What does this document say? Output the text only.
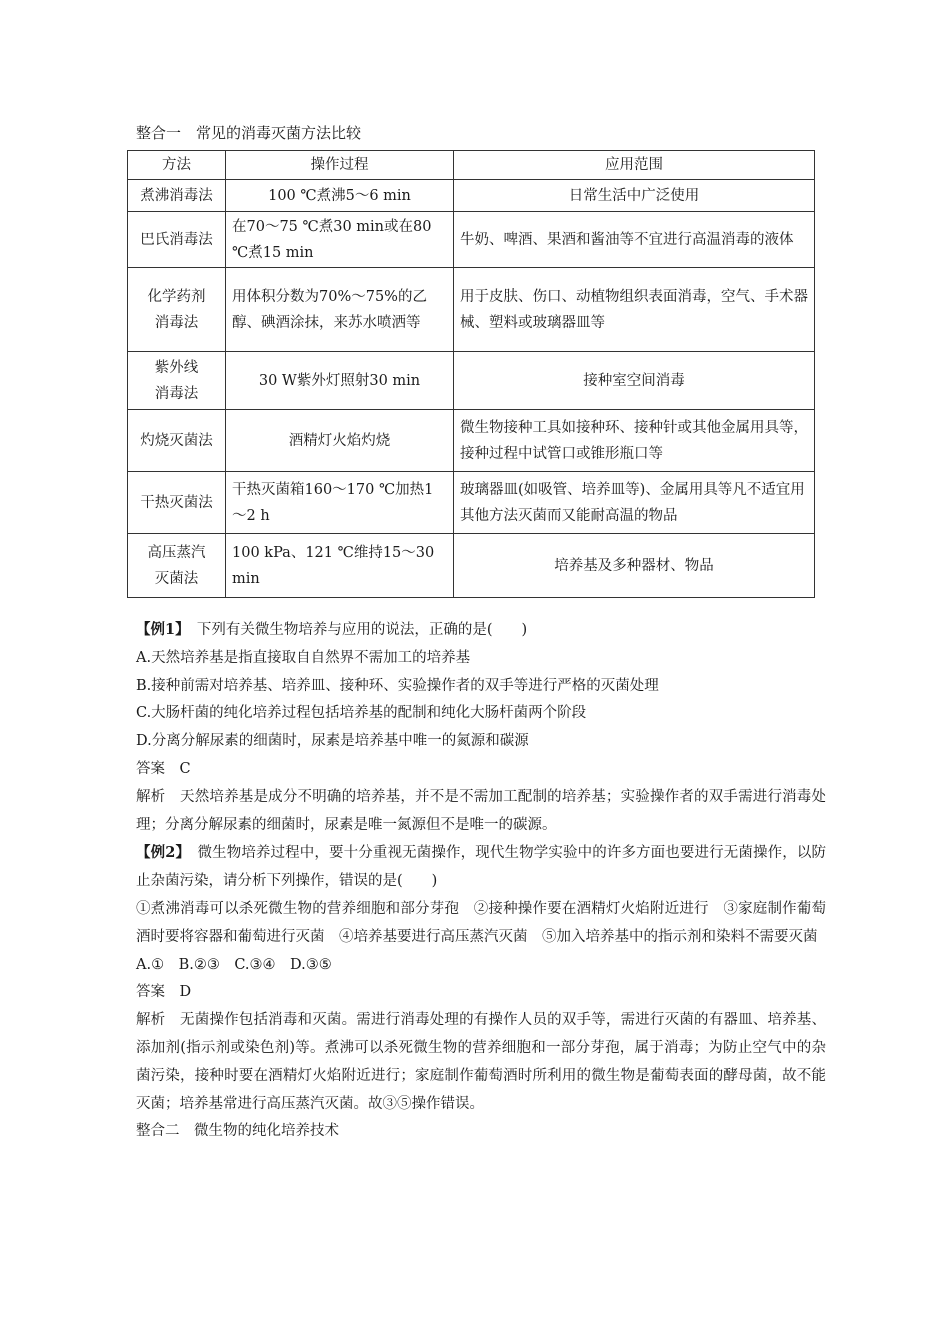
整合一　常见的消毒灭菌方法比较
方法	操作过程	应用范围

煮沸消毒法	100 ℃煮沸5～6 min	日常生活中广泛使用

巴氏消毒法	在70～75 ℃煮30 min或在80 ℃煮15 min	牛奶、啤酒、果酒和酱油等不宜进行高温消毒的液体

化学药剂
消毒法	用体积分数为70%～75%的乙醇、碘酒涂抹，来苏水喷洒等	用于皮肤、伤口、动植物组织表面消毒，空气、手术器械、塑料或玻璃器皿等

紫外线
消毒法	30 W紫外灯照射30 min	接种室空间消毒

灼烧灭菌法	酒精灯火焰灼烧	微生物接种工具如接种环、接种针或其他金属用具等，接种过程中试管口或锥形瓶口等

干热灭菌法	干热灭菌箱160～170 ℃加热1～2 h	玻璃器皿(如吸管、培养皿等)、金属用具等凡不适宜用其他方法灭菌而又能耐高温的物品

高压蒸汽
灭菌法	100 kPa、121 ℃维持15～30 min	培养基及多种器材、物品

【例1】　 下列有关微生物培养与应用的说法，正确的是(　　)

A.天然培养基是指直接取自自然界不需加工的培养基

B.接种前需对培养基、培养皿、接种环、实验操作者的双手等进行严格的灭菌处理

C.大肠杆菌的纯化培养过程包括培养基的配制和纯化大肠杆菌两个阶段

D.分离分解尿素的细菌时，尿素是培养基中唯一的氮源和碳源

答案　C

解析　天然培养基是成分不明确的培养基，并不是不需加工配制的培养基；实验操作者的双手需进行消毒处理；分离分解尿素的细菌时，尿素是唯一氮源但不是唯一的碳源。

【例2】　 微生物培养过程中，要十分重视无菌操作，现代生物学实验中的许多方面也要进行无菌操作，以防止杂菌污染，请分析下列操作，错误的是(　　)

①煮沸消毒可以杀死微生物的营养细胞和部分芽孢　②接种操作要在酒精灯火焰附近进行　③家庭制作葡萄酒时要将容器和葡萄进行灭菌　④培养基要进行高压蒸汽灭菌　⑤加入培养基中的指示剂和染料不需要灭菌

A.①　B.②③　C.③④　D.③⑤

答案　D

解析　无菌操作包括消毒和灭菌。需进行消毒处理的有操作人员的双手等，需进行灭菌的有器皿、培养基、添加剂(指示剂或染色剂)等。煮沸可以杀死微生物的营养细胞和一部分芽孢，属于消毒；为防止空气中的杂菌污染，接种时要在酒精灯火焰附近进行；家庭制作葡萄酒时所利用的微生物是葡萄表面的酵母菌，故不能灭菌；培养基常进行高压蒸汽灭菌。故③⑤操作错误。

整合二　微生物的纯化培养技术
